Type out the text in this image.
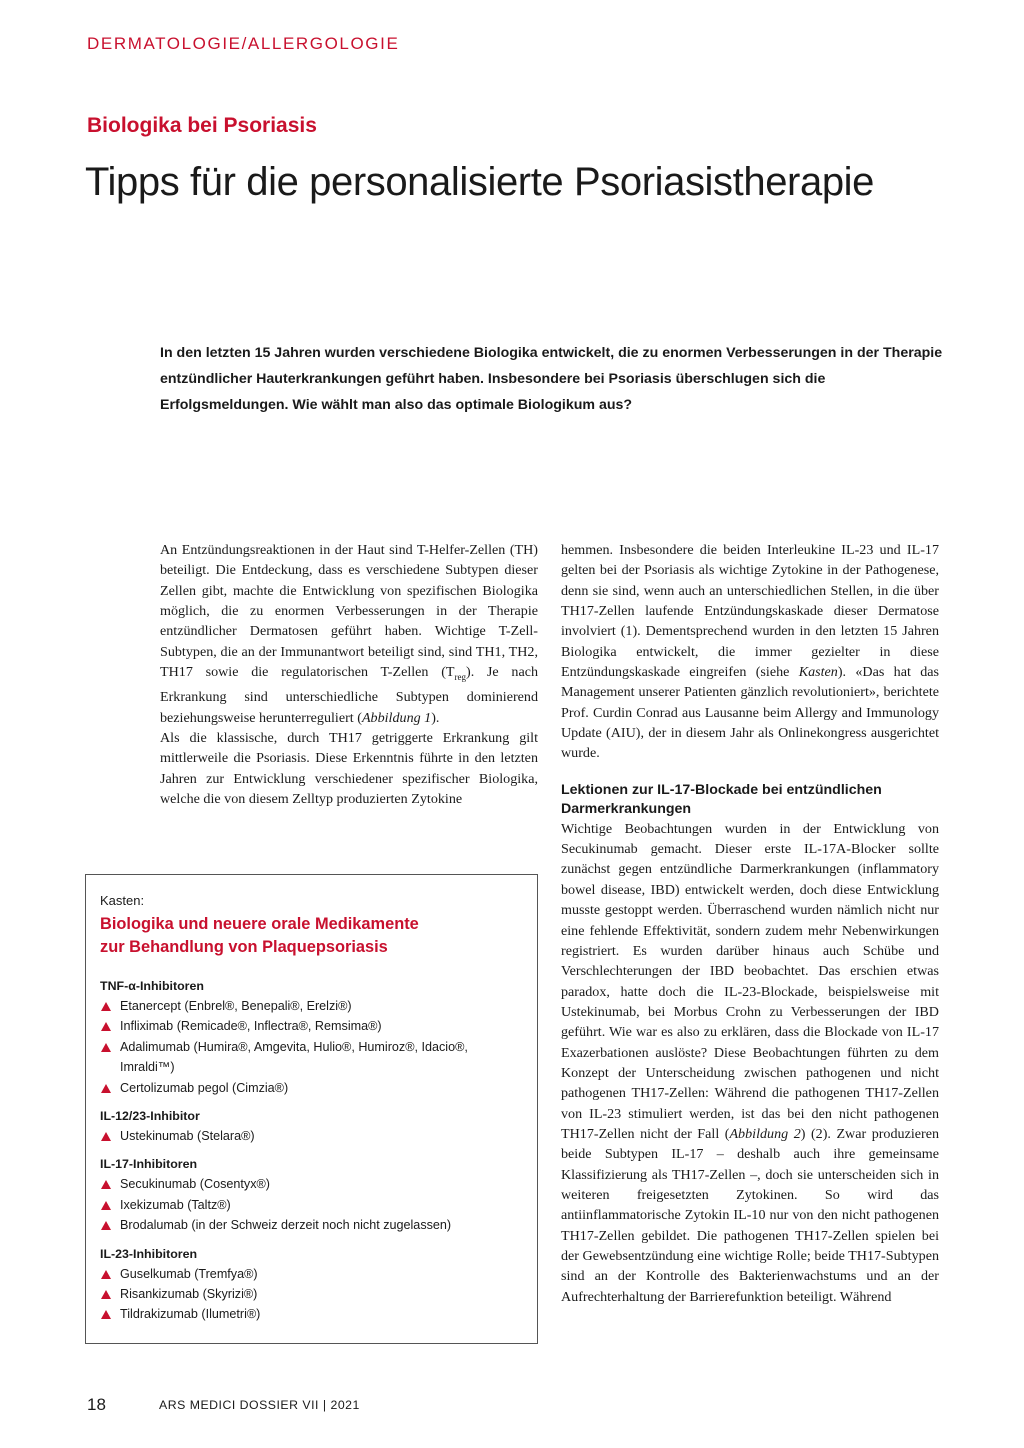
DERMATOLOGIE/ALLERGOLOGIE
Biologika bei Psoriasis
Tipps für die personalisierte Psoriasistherapie

In den letzten 15 Jahren wurden verschiedene Biologika entwickelt, die zu enormen Verbesserungen in der Therapie entzündlicher Hauterkrankungen geführt haben. Insbesondere bei Psoriasis überschlugen sich die Erfolgsmeldungen. Wie wählt man also das optimale Biologikum aus?

An Entzündungsreaktionen in der Haut sind T-Helfer-Zellen (TH) beteiligt. Die Entdeckung, dass es verschiedene Subtypen dieser Zellen gibt, machte die Entwicklung von spezifischen Biologika möglich, die zu enormen Verbesserungen in der Therapie entzündlicher Dermatosen geführt haben. Wichtige T-Zell-Subtypen, die an der Immunantwort beteiligt sind, sind TH1, TH2, TH17 sowie die regulatorischen T-Zellen $(T_{reg})$. Je nach Erkrankung sind unterschiedliche Subtypen dominierend beziehungsweise herunterreguliert (Abbildung 1).

Als die klassische, durch TH17 getriggerte Erkrankung gilt mittlerweile die Psoriasis. Diese Erkenntnis führte in den letzten Jahren zur Entwicklung verschiedener spezifischer Biologika, welche die von diesem Zelltyp produzierten Zytokine

hemmen. Insbesondere die beiden Interleukine IL-23 und IL-17 gelten bei der Psoriasis als wichtige Zytokine in der Pathogenese, denn sie sind, wenn auch an unterschiedlichen Stellen, in die über TH17-Zellen laufende Entzündungskaskade dieser Dermatose involviert (1). Dementsprechend wurden in den letzten 15 Jahren Biologika entwickelt, die immer gezielter in diese Entzündungskaskade eingreifen (siehe Kasten). «Das hat das Management unserer Patienten gänzlich revolutioniert», berichtete Prof. Curdin Conrad aus Lausanne beim Allergy and Immunology Update (AIU), der in diesem Jahr als Onlinekongress ausgerichtet wurde.

Lektionen zur IL-17-Blockade bei entzündlichen Darmerkrankungen

Wichtige Beobachtungen wurden in der Entwicklung von Secukinumab gemacht. Dieser erste IL-17A-Blocker sollte zunächst gegen entzündliche Darmerkrankungen (inflammatory bowel disease, IBD) entwickelt werden, doch diese Entwicklung musste gestoppt werden. Überraschend wurden nämlich nicht nur eine fehlende Effektivität, sondern zudem mehr Nebenwirkungen registriert. Es wurden darüber hinaus auch Schübe und Verschlechterungen der IBD beobachtet. Das erschien etwas paradox, hatte doch die IL-23-Blockade, beispielsweise mit Ustekinumab, bei Morbus Crohn zu Verbesserungen der IBD geführt. Wie war es also zu erklären, dass die Blockade von IL-17 Exazerbationen auslöste? Diese Beobachtungen führten zu dem Konzept der Unterscheidung zwischen pathogenen und nicht pathogenen TH17-Zellen: Während die pathogenen TH17-Zellen von IL-23 stimuliert werden, ist das bei den nicht pathogenen TH17-Zellen nicht der Fall (Abbildung 2) (2). Zwar produzieren beide Subtypen IL-17 – deshalb auch ihre gemeinsame Klassifizierung als TH17-Zellen –, doch sie unterscheiden sich in weiteren freigesetzten Zytokinen. So wird das antiinflammatorische Zytokin IL-10 nur von den nicht pathogenen TH17-Zellen gebildet. Die pathogenen TH17-Zellen spielen bei der Gewebsentzündung eine wichtige Rolle; beide TH17-Subtypen sind an der Kontrolle des Bakterienwachstums und an der Aufrechterhaltung der Barrierefunktion beteiligt. Während

Kasten:
Biologika und neuere orale Medikamente
zur Behandlung von Plaquepsoriasis
TNF-α-Inhibitoren
Etanercept (Enbrel®, Benepali®, Erelzi®)
Infliximab (Remicade®, Inflectra®, Remsima®)
Adalimumab (Humira®, Amgevita, Hulio®, Humiroz®, Idacio®, Imraldi™)
Certolizumab pegol (Cimzia®)
IL-12/23-Inhibitor
Ustekinumab (Stelara®)
IL-17-Inhibitoren
Secukinumab (Cosentyx®)
Ixekizumab (Taltz®)
Brodalumab (in der Schweiz derzeit noch nicht zugelassen)
IL-23-Inhibitoren
Guselkumab (Tremfya®)
Risankizumab (Skyrizi®)
Tildrakizumab (Ilumetri®)
18	ARS MEDICI DOSSIER VII | 2021
